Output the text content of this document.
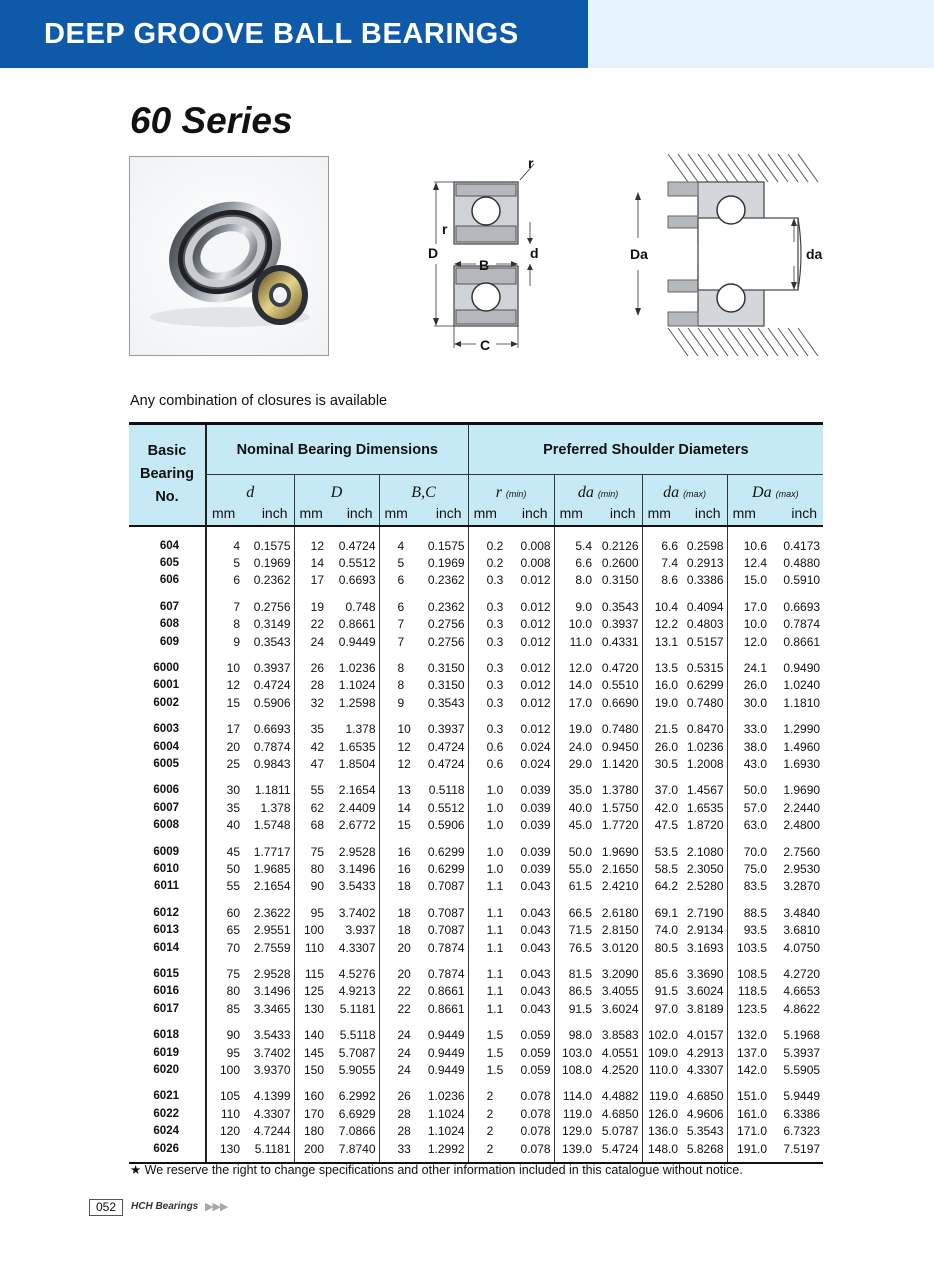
DEEP GROOVE BALL BEARINGS
60 Series
r
r
D
B
d
C
Da	da
Any combination of closures is available
Basic
Bearing
No.	Nominal Bearing Dimensions						Preferred Shoulder Diameters							
	d		D		B,C		r (min)		da (min)		da (max)		Da (max)	
	mm	inch	mm	inch	mm	inch	mm	inch	mm	inch	mm	inch	mm	inch
604	4	0.1575	12	0.4724	4	0.1575	0.2	0.008	5.4	0.2126	6.6	0.2598	10.6	0.4173
605	5	0.1969	14	0.5512	5	0.1969	0.2	0.008	6.6	0.2600	7.4	0.2913	12.4	0.4880
606	6	0.2362	17	0.6693	6	0.2362	0.3	0.012	8.0	0.3150	8.6	0.3386	15.0	0.5910
607	7	0.2756	19	0.748	6	0.2362	0.3	0.012	9.0	0.3543	10.4	0.4094	17.0	0.6693
608	8	0.3149	22	0.8661	7	0.2756	0.3	0.012	10.0	0.3937	12.2	0.4803	10.0	0.7874
609	9	0.3543	24	0.9449	7	0.2756	0.3	0.012	11.0	0.4331	13.1	0.5157	12.0	0.8661
6000	10	0.3937	26	1.0236	8	0.3150	0.3	0.012	12.0	0.4720	13.5	0.5315	24.1	0.9490
6001	12	0.4724	28	1.1024	8	0.3150	0.3	0.012	14.0	0.5510	16.0	0.6299	26.0	1.0240
6002	15	0.5906	32	1.2598	9	0.3543	0.3	0.012	17.0	0.6690	19.0	0.7480	30.0	1.1810
6003	17	0.6693	35	1.378	10	0.3937	0.3	0.012	19.0	0.7480	21.5	0.8470	33.0	1.2990
6004	20	0.7874	42	1.6535	12	0.4724	0.6	0.024	24.0	0.9450	26.0	1.0236	38.0	1.4960
6005	25	0.9843	47	1.8504	12	0.4724	0.6	0.024	29.0	1.1420	30.5	1.2008	43.0	1.6930
6006	30	1.1811	55	2.1654	13	0.5118	1.0	0.039	35.0	1.3780	37.0	1.4567	50.0	1.9690
6007	35	1.378	62	2.4409	14	0.5512	1.0	0.039	40.0	1.5750	42.0	1.6535	57.0	2.2440
6008	40	1.5748	68	2.6772	15	0.5906	1.0	0.039	45.0	1.7720	47.5	1.8720	63.0	2.4800
6009	45	1.7717	75	2.9528	16	0.6299	1.0	0.039	50.0	1.9690	53.5	2.1080	70.0	2.7560
6010	50	1.9685	80	3.1496	16	0.6299	1.0	0.039	55.0	2.1650	58.5	2.3050	75.0	2.9530
6011	55	2.1654	90	3.5433	18	0.7087	1.1	0.043	61.5	2.4210	64.2	2.5280	83.5	3.2870
6012	60	2.3622	95	3.7402	18	0.7087	1.1	0.043	66.5	2.6180	69.1	2.7190	88.5	3.4840
6013	65	2.9551	100	3.937	18	0.7087	1.1	0.043	71.5	2.8150	74.0	2.9134	93.5	3.6810
6014	70	2.7559	110	4.3307	20	0.7874	1.1	0.043	76.5	3.0120	80.5	3.1693	103.5	4.0750
6015	75	2.9528	115	4.5276	20	0.7874	1.1	0.043	81.5	3.2090	85.6	3.3690	108.5	4.2720
6016	80	3.1496	125	4.9213	22	0.8661	1.1	0.043	86.5	3.4055	91.5	3.6024	118.5	4.6653
6017	85	3.3465	130	5.1181	22	0.8661	1.1	0.043	91.5	3.6024	97.0	3.8189	123.5	4.8622
6018	90	3.5433	140	5.5118	24	0.9449	1.5	0.059	98.0	3.8583	102.0	4.0157	132.0	5.1968
6019	95	3.7402	145	5.7087	24	0.9449	1.5	0.059	103.0	4.0551	109.0	4.2913	137.0	5.3937
6020	100	3.9370	150	5.9055	24	0.9449	1.5	0.059	108.0	4.2520	110.0	4.3307	142.0	5.5905
6021	105	4.1399	160	6.2992	26	1.0236	2	0.078	114.0	4.4882	119.0	4.6850	151.0	5.9449
6022	110	4.3307	170	6.6929	28	1.1024	2	0.078	119.0	4.6850	126.0	4.9606	161.0	6.3386
6024	120	4.7244	180	7.0866	28	1.1024	2	0.078	129.0	5.0787	136.0	5.3543	171.0	6.7323
6026	130	5.1181	200	7.8740	33	1.2992	2	0.078	139.0	5.4724	148.0	5.8268	191.0	7.5197
★ We reserve the right to change specifications and other information included in this catalogue without notice.
052	HCH Bearings ▶▶▶
